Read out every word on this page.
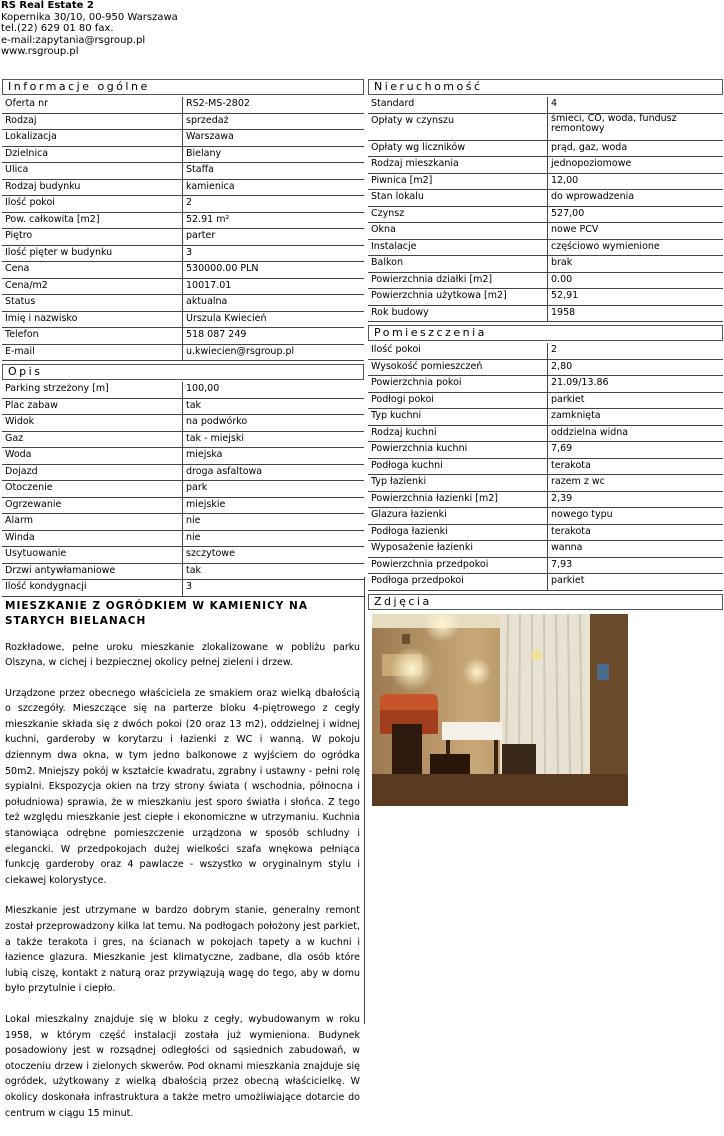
RS Real Estate 2
Kopernika 30/10, 00-950 Warszawa
tel.(22) 629 01 80 fax.
e-mail:zapytania@rsgroup.pl
www.rsgroup.pl
Informacje ogólne
Oferta nr	RS2-MS-2802
Rodzaj	sprzedaż
Lokalizacja	Warszawa
Dzielnica	Bielany
Ulica	Staffa
Rodzaj budynku	kamienica
Ilość pokoi	2
Pow. całkowita [m2]	52.91 m²
Piętro	parter
Ilość pięter w budynku	3
Cena	530000.00 PLN
Cena/m2	10017.01
Status	aktualna
Imię i nazwisko	Urszula Kwiecień
Telefon	518 087 249
E-mail	u.kwiecien@rsgroup.pl
Opis
Parking strzeżony [m]	100,00
Plac zabaw	tak
Widok	na podwórko
Gaz	tak - miejski
Woda	miejska
Dojazd	droga asfaltowa
Otoczenie	park
Ogrzewanie	miejskie
Alarm	nie
Winda	nie
Usytuowanie	szczytowe
Drzwi antywłamaniowe	tak
Ilość kondygnacji	3
MIESZKANIE Z OGRÓDKIEM W KAMIENICY NA STARYCH BIELANACH

Rozkładowe, pełne uroku mieszkanie zlokalizowane w pobliżu parku Olszyna, w cichej i bezpiecznej okolicy pełnej zieleni i drzew.

Urządzone przez obecnego właściciela ze smakiem oraz wielką dbałością o szczegóły. Mieszczące się na parterze bloku 4-piętrowego z cegły mieszkanie składa się z dwóch pokoi (20 oraz 13 m2), oddzielnej i widnej kuchni, garderoby w korytarzu i łazienki z WC i wanną. W pokoju dziennym dwa okna, w tym jedno balkonowe z wyjściem do ogródka 50m2. Mniejszy pokój w kształcie kwadratu, zgrabny i ustawny - pełni rolę sypialni. Ekspozycja okien na trzy strony świata ( wschodnia, północna i południowa) sprawia, że w mieszkaniu jest sporo światła i słońca. Z tego też względu mieszkanie jest ciepłe i ekonomiczne w utrzymaniu. Kuchnia stanowiąca odrębne pomieszczenie urządzona w sposób schludny i elegancki. W przedpokojach dużej wielkości szafa wnękowa pełniąca funkcję garderoby oraz 4 pawlacze - wszystko w oryginalnym stylu i ciekawej kolorystyce.

Mieszkanie jest utrzymane w bardzo dobrym stanie, generalny remont został przeprowadzony kilka lat temu. Na podłogach położony jest parkiet, a także terakota i gres, na ścianach w pokojach tapety a w kuchni i łazience glazura. Mieszkanie jest klimatyczne, zadbane, dla osób które lubią ciszę, kontakt z naturą oraz przywiązują wagę do tego, aby w domu było przytulnie i ciepło.

Lokal mieszkalny znajduje się w bloku z cegły, wybudowanym w roku 1958, w którym część instalacji została już wymieniona. Budynek posadowiony jest w rozsądnej odległości od sąsiednich zabudowań, w otoczeniu drzew i zielonych skwerów. Pod oknami mieszkania znajduje się ogródek, użytkowany z wielką dbałością przez obecną właścicielkę. W okolicy doskonała infrastruktura a także metro umożliwiające dotarcie do centrum w ciągu 15 minut.

Nieruchomość
Standard	4
Opłaty w czynszu	śmieci, CO, woda, fundusz remontowy
Opłaty wg liczników	prąd, gaz, woda
Rodzaj mieszkania	jednopoziomowe
Piwnica [m2]	12,00
Stan lokalu	do wprowadzenia
Czynsz	527,00
Okna	nowe PCV
Instalacje	częściowo wymienione
Balkon	brak
Powierzchnia działki [m2]	0.00
Powierzchnia użytkowa [m2]	52,91
Rok budowy	1958
Pomieszczenia
Ilość pokoi	2
Wysokość pomieszczeń	2,80
Powierzchnia pokoi	21.09/13.86
Podłogi pokoi	parkiet
Typ kuchni	zamknięta
Rodzaj kuchni	oddzielna widna
Powierzchnia kuchni	7,69
Podłoga kuchni	terakota
Typ łazienki	razem z wc
Powierzchnia łazienki [m2]	2,39
Glazura łazienki	nowego typu
Podłoga łazienki	terakota
Wyposażenie łazienki	wanna
Powierzchnia przedpokoi	7,93
Podłoga przedpokoi	parkiet
Zdjęcia
